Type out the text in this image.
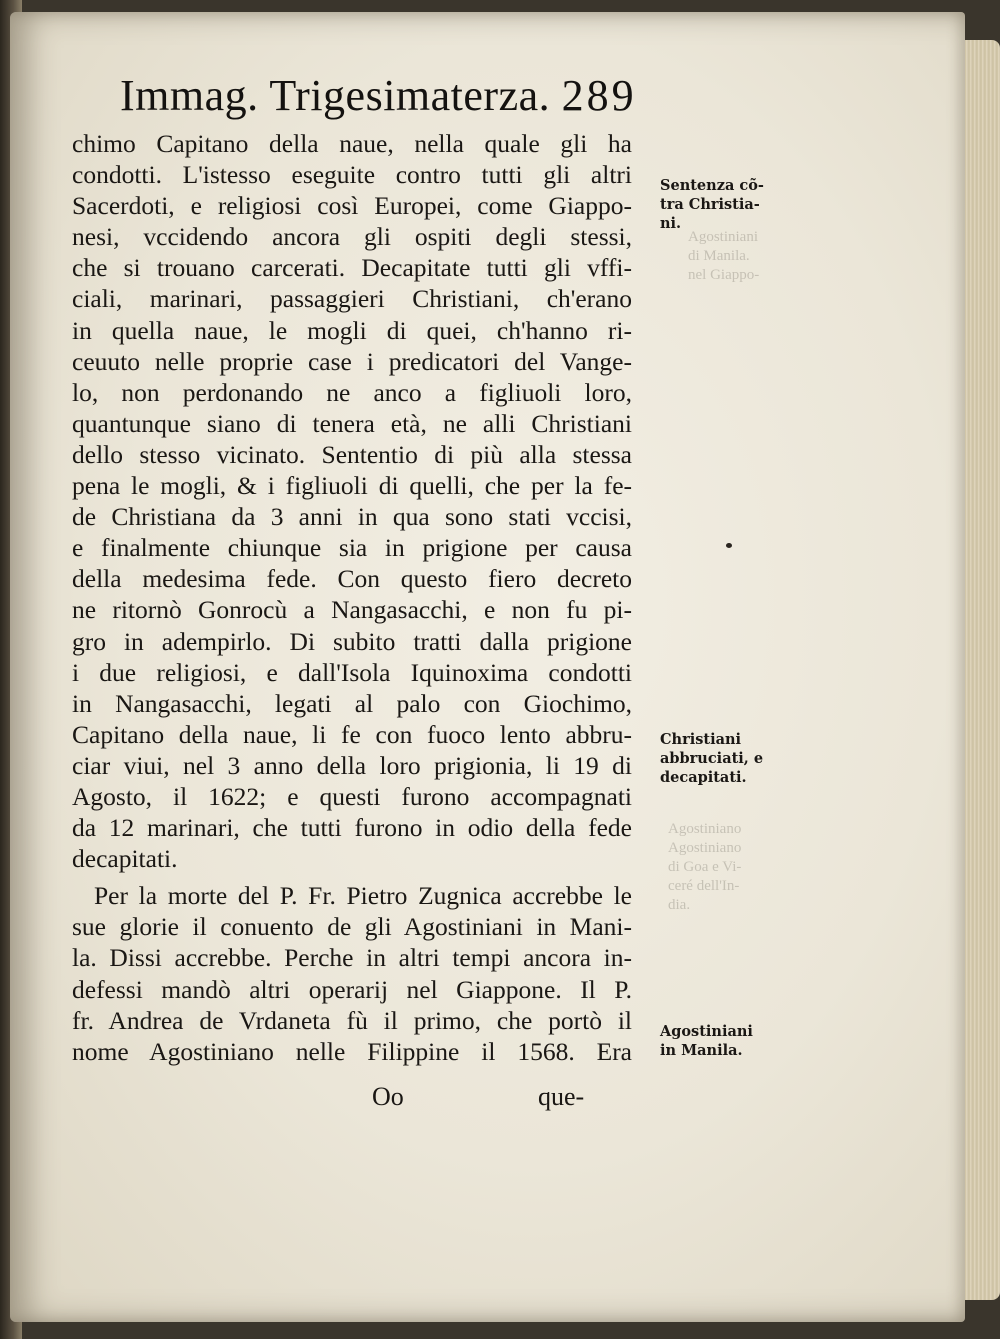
Immag. Trigesimaterza. 289
chimo Capitano della naue, nella quale gli ha
condotti. L'istesso eseguite contro tutti gli altri
Sacerdoti, e religiosi così Europei, come Giappo-
nesi, vccidendo ancora gli ospiti degli stessi,
che si trouano carcerati. Decapitate tutti gli vffi-
ciali, marinari, passaggieri Christiani, ch'erano
in quella naue, le mogli di quei, ch'hanno ri-
ceuuto nelle proprie case i predicatori del Vange-
lo, non perdonando ne anco a figliuoli loro,
quantunque siano di tenera età, ne alli Christiani
dello stesso vicinato. Sententio di più alla stessa
pena le mogli, & i figliuoli di quelli, che per la fe-
de Christiana da 3 anni in qua sono stati vccisi,
e finalmente chiunque sia in prigione per causa
della medesima fede. Con questo fiero decreto
ne ritornò Gonrocù a Nangasacchi, e non fu pi-
gro in adempirlo. Di subito tratti dalla prigione
i due religiosi, e dall'Isola Iquinoxima condotti
in Nangasacchi, legati al palo con Giochimo,
Capitano della naue, li fe con fuoco lento abbru-
ciar viui, nel 3 anno della loro prigionia, li 19 di
Agosto, il 1622; e questi furono accompagnati
da 12 marinari, che tutti furono in odio della fede
decapitati.
Per la morte del P. Fr. Pietro Zugnica accrebbe le
sue glorie il conuento de gli Agostiniani in Mani-
la. Dissi accrebbe. Perche in altri tempi ancora in-
defessi mandò altri operarij nel Giappone. Il P.
fr. Andrea de Vrdaneta fù il primo, che portò il
nome Agostiniano nelle Filippine il 1568. Era
Sentenza cõ-
tra Christia-
ni.
Agostiniani
di Manila.
nel Giappo-
Christiani
abbruciati, e
decapitati.
Agostiniano
Agostiniano
di Goa e Vi-
ceré dell'In-
dia.
Agostiniani
in Manila.
Oo	que-
